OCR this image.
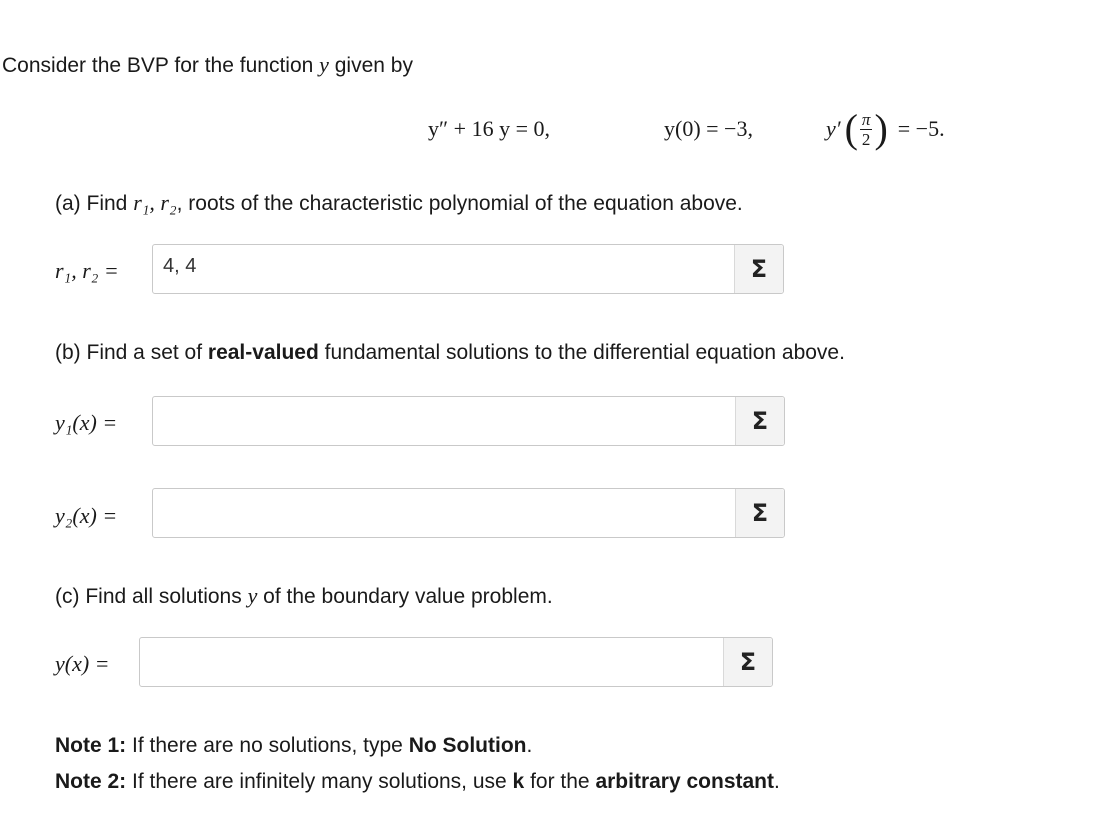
Consider the BVP for the function y given by
y″ + 16 y = 0,	y(0) = −3,	y′ ( $\frac{\pi}{2}$ ) = −5.
(a) Find r₁, r₂, roots of the characteristic polynomial of the equation above.
r₁, r₂ =
4, 4	Σ
(b) Find a set of real-valued fundamental solutions to the differential equation above.
y₁(x) =	Σ
y₂(x) =	Σ
(c) Find all solutions y of the boundary value problem.
y(x) =	Σ
Note 1: If there are no solutions, type No Solution.
Note 2: If there are infinitely many solutions, use k for the arbitrary constant.
